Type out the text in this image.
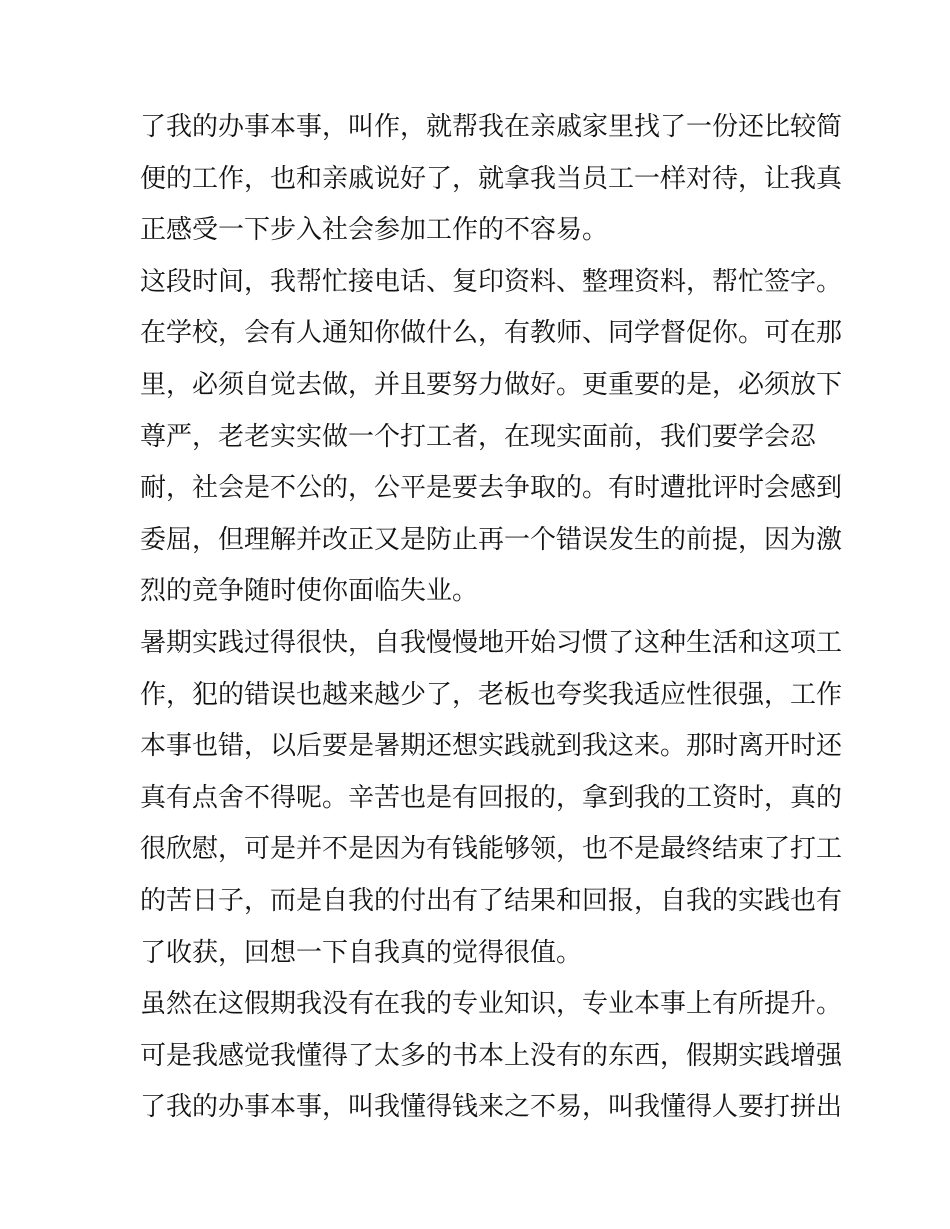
了我的办事本事，叫作，就帮我在亲戚家里找了一份还比较简
便的工作，也和亲戚说好了，就拿我当员工一样对待，让我真
正感受一下步入社会参加工作的不容易。
这段时间，我帮忙接电话、复印资料、整理资料，帮忙签字。
在学校，会有人通知你做什么，有教师、同学督促你。可在那
里，必须自觉去做，并且要努力做好。更重要的是，必须放下
尊严，老老实实做一个打工者，在现实面前，我们要学会忍
耐，社会是不公的，公平是要去争取的。有时遭批评时会感到
委屈，但理解并改正又是防止再一个错误发生的前提，因为激
烈的竞争随时使你面临失业。
暑期实践过得很快，自我慢慢地开始习惯了这种生活和这项工
作，犯的错误也越来越少了，老板也夸奖我适应性很强，工作
本事也错，以后要是暑期还想实践就到我这来。那时离开时还
真有点舍不得呢。辛苦也是有回报的，拿到我的工资时，真的
很欣慰，可是并不是因为有钱能够领，也不是最终结束了打工
的苦日子，而是自我的付出有了结果和回报，自我的实践也有
了收获，回想一下自我真的觉得很值。
虽然在这假期我没有在我的专业知识，专业本事上有所提升。
可是我感觉我懂得了太多的书本上没有的东西，假期实践增强
了我的办事本事，叫我懂得钱来之不易，叫我懂得人要打拼出
